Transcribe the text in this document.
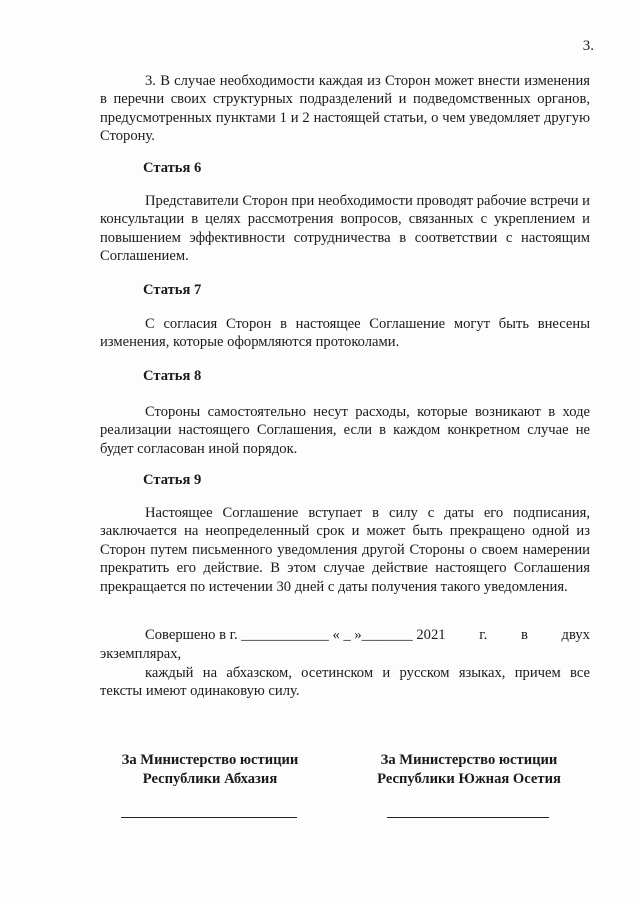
3.

3. В случае необходимости каждая из Сторон может внести изменения в перечни своих структурных подразделений и подведомственных органов, предусмотренных пунктами 1 и 2 настоящей статьи, о чем уведомляет другую Сторону.

Статья 6

Представители Сторон при необходимости проводят рабочие встречи и консультации в целях рассмотрения вопросов, связанных с укреплением и повышением эффективности сотрудничества в соответствии с настоящим Соглашением.

Статья 7

С согласия Сторон в настоящее Соглашение могут быть внесены изменения, которые оформляются протоколами.

Статья 8

Стороны самостоятельно несут расходы, которые возникают в ходе реализации настоящего Соглашения, если в каждом конкретном случае не будет согласован иной порядок.

Статья 9

Настоящее Соглашение вступает в силу с даты его подписания, заключается на неопределенный срок и может быть прекращено одной из Сторон путем письменного уведомления другой Стороны о своем намерении прекратить его действие. В этом случае действие настоящего Соглашения прекращается по истечении 30 дней с даты получения такого уведомления.

Совершено в г. ____________ « _ »_______ 2021 г. в двух
экземплярах,

каждый на абхазском, осетинском и русском языках, причем все тексты имеют одинаковую силу.

За Министерство юстиции
Республики Абхазия
За Министерство юстиции
Республики Южная Осетия
